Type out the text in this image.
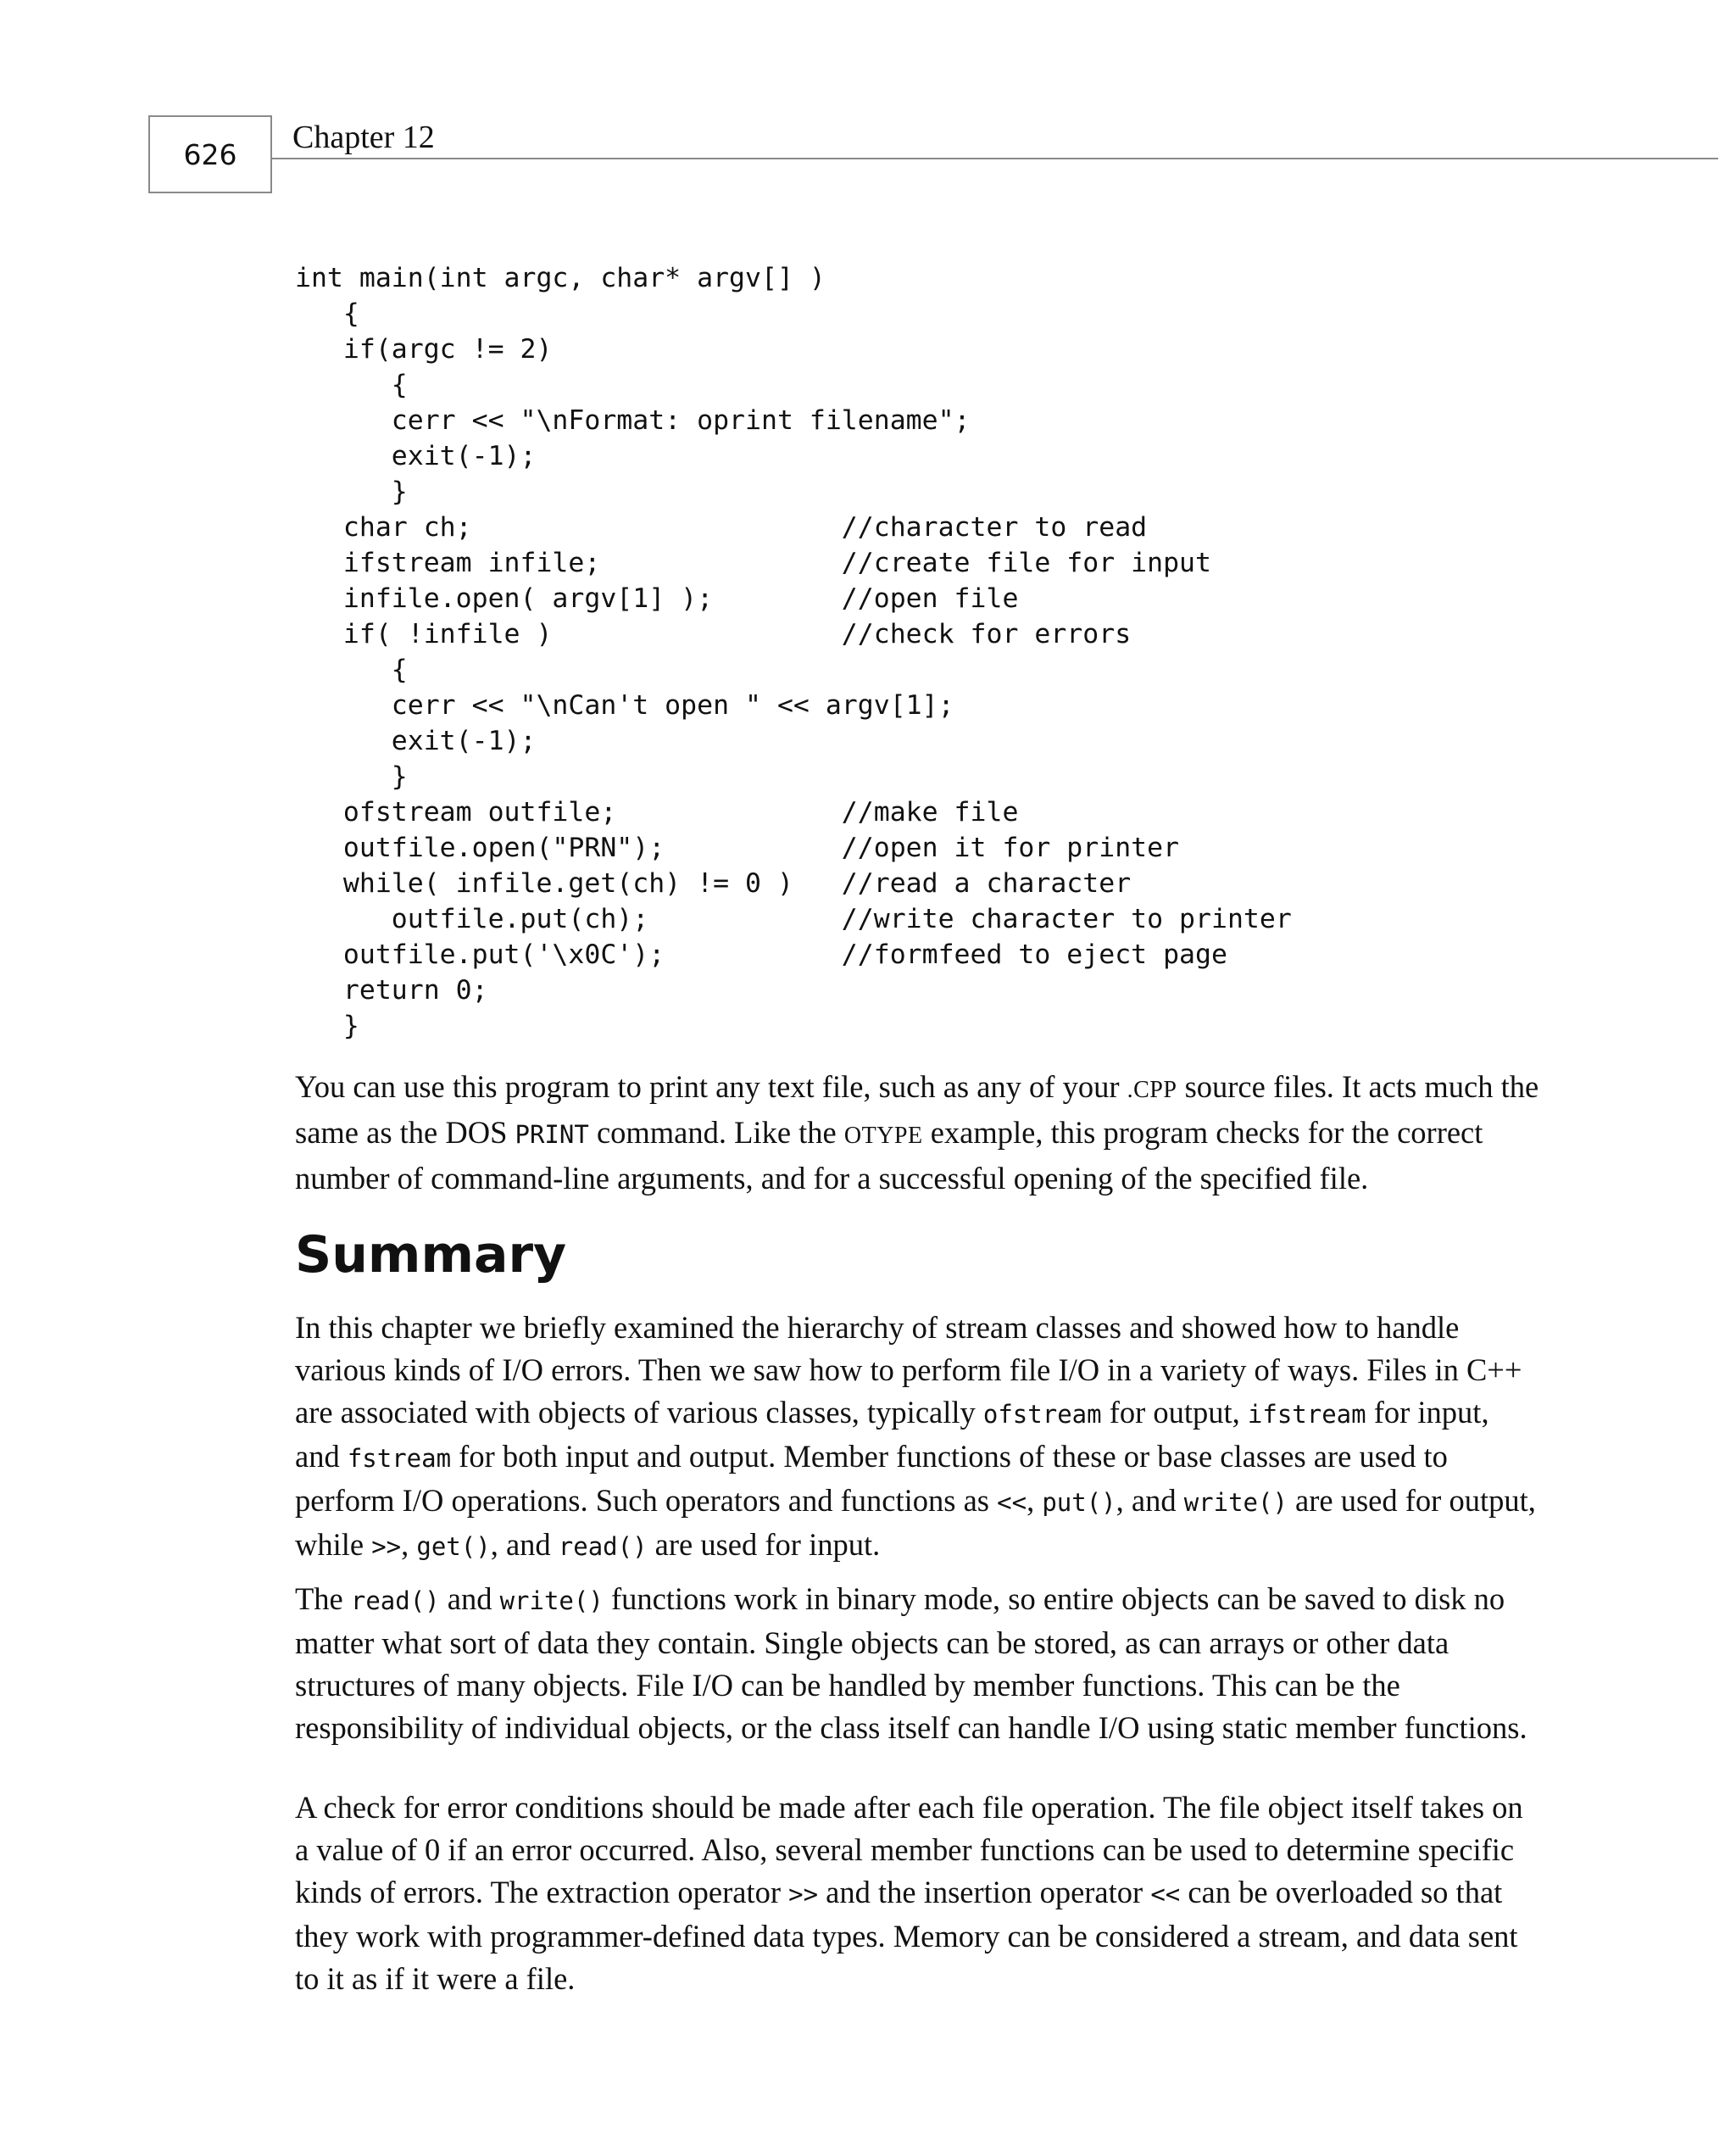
626	Chapter 12
int main(int argc, char* argv[] )
{
if(argc != 2)
{
cerr << "\nFormat: oprint filename";
exit(-1);
}
char ch;                       //character to read
ifstream infile;               //create file for input
infile.open( argv[1] );        //open file
if( !infile )                  //check for errors
{
cerr << "\nCan't open " << argv[1];
exit(-1);
}
ofstream outfile;              //make file
outfile.open("PRN");           //open it for printer
while( infile.get(ch) != 0 )   //read a character
outfile.put(ch);            //write character to printer
outfile.put('\x0C');           //formfeed to eject page
return 0;
}

You can use this program to print any text file, such as any of your .CPP source files. It acts much the same as the DOS PRINT command. Like the OTYPE example, this program checks for the correct number of command-line arguments, and for a successful opening of the specified file.

Summary

In this chapter we briefly examined the hierarchy of stream classes and showed how to handle various kinds of I/O errors. Then we saw how to perform file I/O in a variety of ways. Files in C++ are associated with objects of various classes, typically ofstream for output, ifstream for input, and fstream for both input and output. Member functions of these or base classes are used to perform I/O operations. Such operators and functions as <<, put(), and write() are used for output, while >>, get(), and read() are used for input.

The read() and write() functions work in binary mode, so entire objects can be saved to disk no matter what sort of data they contain. Single objects can be stored, as can arrays or other data structures of many objects. File I/O can be handled by member functions. This can be the responsibility of individual objects, or the class itself can handle I/O using static member functions.

A check for error conditions should be made after each file operation. The file object itself takes on a value of 0 if an error occurred. Also, several member functions can be used to determine specific kinds of errors. The extraction operator >> and the insertion operator << can be overloaded so that they work with programmer-defined data types. Memory can be considered a stream, and data sent to it as if it were a file.
